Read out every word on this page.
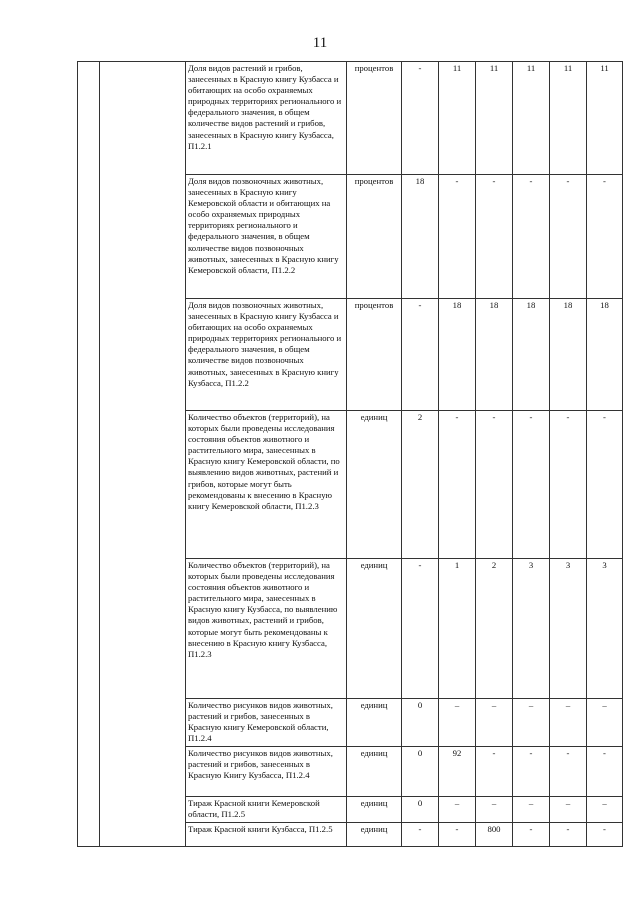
11
		Доля видов растений и грибов, занесенных в Красную книгу Кузбасса и обитающих на особо охраняемых природных территориях регионального и федерального значения, в общем количестве видов растений и грибов, занесенных в Красную книгу Кузбасса, П1.2.1	процентов	-	11	11	11	11	11
		Доля видов позвоночных животных, занесенных в Красную книгу Кемеровской области и обитающих на особо охраняемых природных территориях регионального и федерального значения, в общем количестве видов позвоночных животных, занесенных в Красную книгу Кемеровской области, П1.2.2	процентов	18	-	-	-	-	-
		Доля видов позвоночных животных, занесенных в Красную книгу Кузбасса и обитающих на особо охраняемых природных территориях регионального и федерального значения, в общем количестве видов позвоночных животных, занесенных в Красную книгу Кузбасса, П1.2.2	процентов	-	18	18	18	18	18
		Количество объектов (территорий), на которых были проведены исследования состояния объектов животного и растительного мира, занесенных в Красную книгу Кемеровской области, по выявлению видов животных, растений и грибов, которые могут быть рекомендованы к внесению в Красную книгу Кемеровской области, П1.2.3	единиц	2	-	-	-	-	-
		Количество объектов (территорий), на которых были проведены исследования состояния объектов животного и растительного мира, занесенных в Красную книгу Кузбасса, по выявлению видов животных, растений и грибов, которые могут быть рекомендованы к внесению в Красную книгу Кузбасса, П1.2.3	единиц	-	1	2	3	3	3
		Количество рисунков видов животных, растений и грибов, занесенных в Красную книгу Кемеровской области, П1.2.4	единиц	0	–	–	–	–	–
		Количество рисунков видов животных, растений и грибов, занесенных в Красную Книгу Кузбасса, П1.2.4	единиц	0	92	-	-	-	-
		Тираж Красной книги Кемеровской области, П1.2.5	единиц	0	–	–	–	–	–
		Тираж Красной книги Кузбасса, П1.2.5	единиц	-	-	800	-	-	-
